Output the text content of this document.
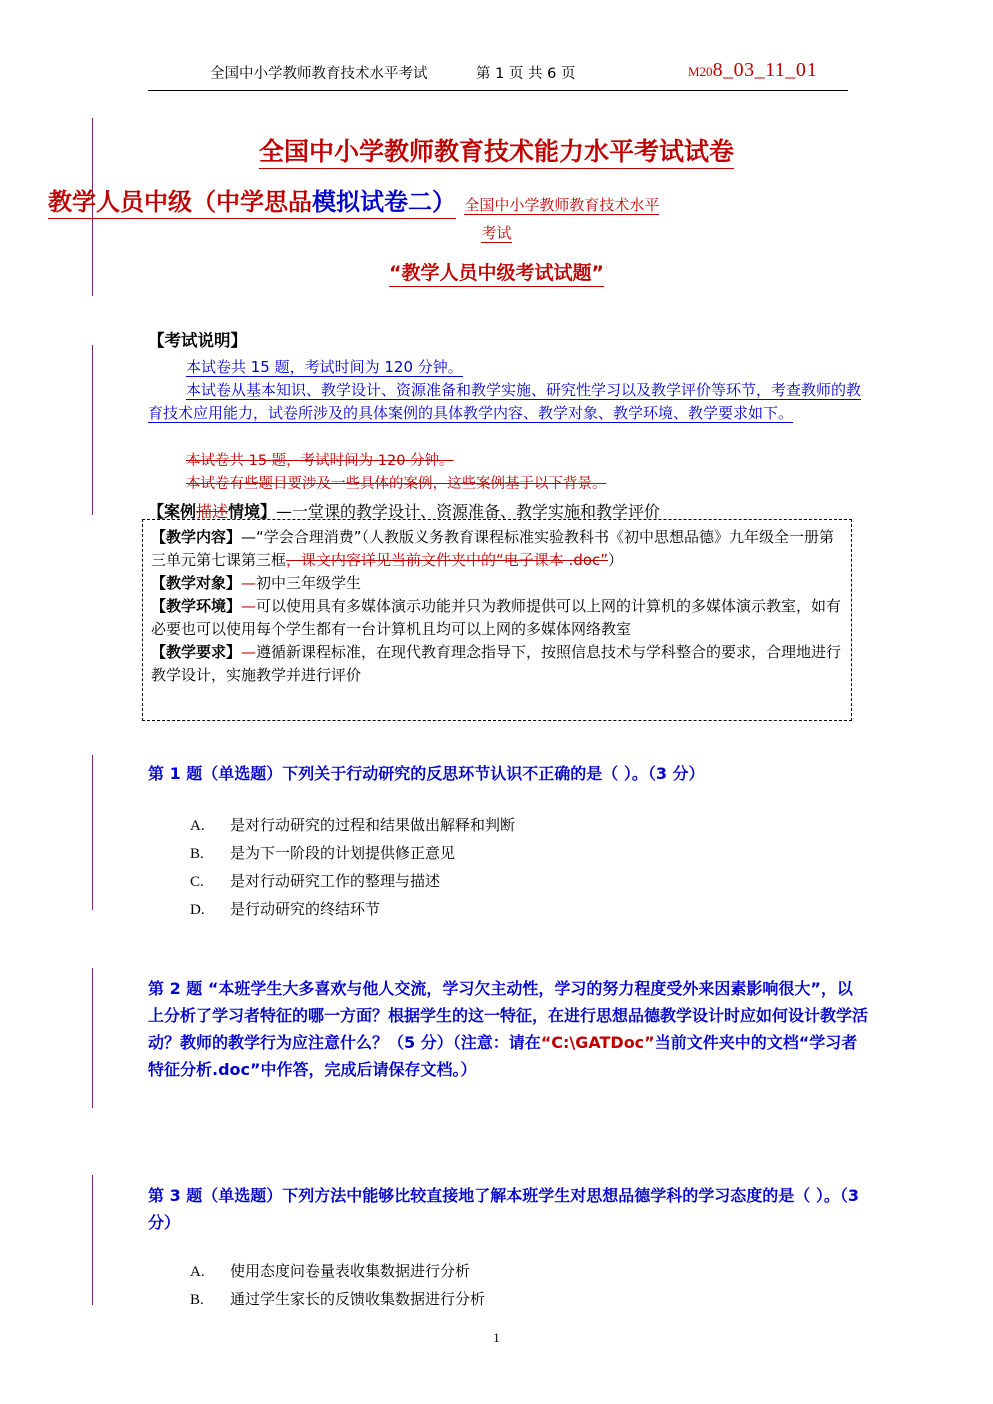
全国中小学教师教育技术水平考试	第 1 页 共 6 页	M208_03_11_01
全国中小学教师教育技术能力水平考试试卷
教学人员中级（中学思品模拟试卷二） 全国中小学教师教育技术水平
考试
“教学人员中级考试试题”
【考试说明】
本试卷共 15 题，考试时间为 120 分钟。
本试卷从基本知识、教学设计、资源准备和教学实施、研究性学习以及教学评价等环节，考查教师的教育技术应用能力，试卷所涉及的具体案例的具体教学内容、教学对象、教学环境、教学要求如下。
本试卷共 15 题，考试时间为 120 分钟。
本试卷有些题目要涉及一些具体的案例，这些案例基于以下背景。
【案例描述情境】—一堂课的教学设计、资源准备、教学实施和教学评价

【教学内容】—“学会合理消费”（人教版义务教育课程标准实验教科书《初中思想品德》九年级全一册第三单元第七课第三框，课文内容详见当前文件夹中的“电子课本 .doc”）

【教学对象】—初中三年级学生

【教学环境】—可以使用具有多媒体演示功能并只为教师提供可以上网的计算机的多媒体演示教室，如有必要也可以使用每个学生都有一台计算机且均可以上网的多媒体网络教室

【教学要求】—遵循新课程标准，在现代教育理念指导下，按照信息技术与学科整合的要求，合理地进行教学设计，实施教学并进行评价

第 1 题（单选题）下列关于行动研究的反思环节认识不正确的是（ ）。（3 分）
A. 是对行动研究的过程和结果做出解释和判断
B. 是为下一阶段的计划提供修正意见
C. 是对行动研究工作的整理与描述
D. 是行动研究的终结环节
第 2 题 “本班学生大多喜欢与他人交流，学习欠主动性，学习的努力程度受外来因素影响很大”，以上分析了学习者特征的哪一方面？根据学生的这一特征，在进行思想品德教学设计时应如何设计教学活动？教师的教学行为应注意什么？（5 分）（注意：请在“C:\GATDoc”当前文件夹中的文档“学习者特征分析.doc”中作答，完成后请保存文档。）
第 3 题（单选题）下列方法中能够比较直接地了解本班学生对思想品德学科的学习态度的是（ ）。（3 分）
A. 使用态度问卷量表收集数据进行分析
B. 通过学生家长的反馈收集数据进行分析
1
